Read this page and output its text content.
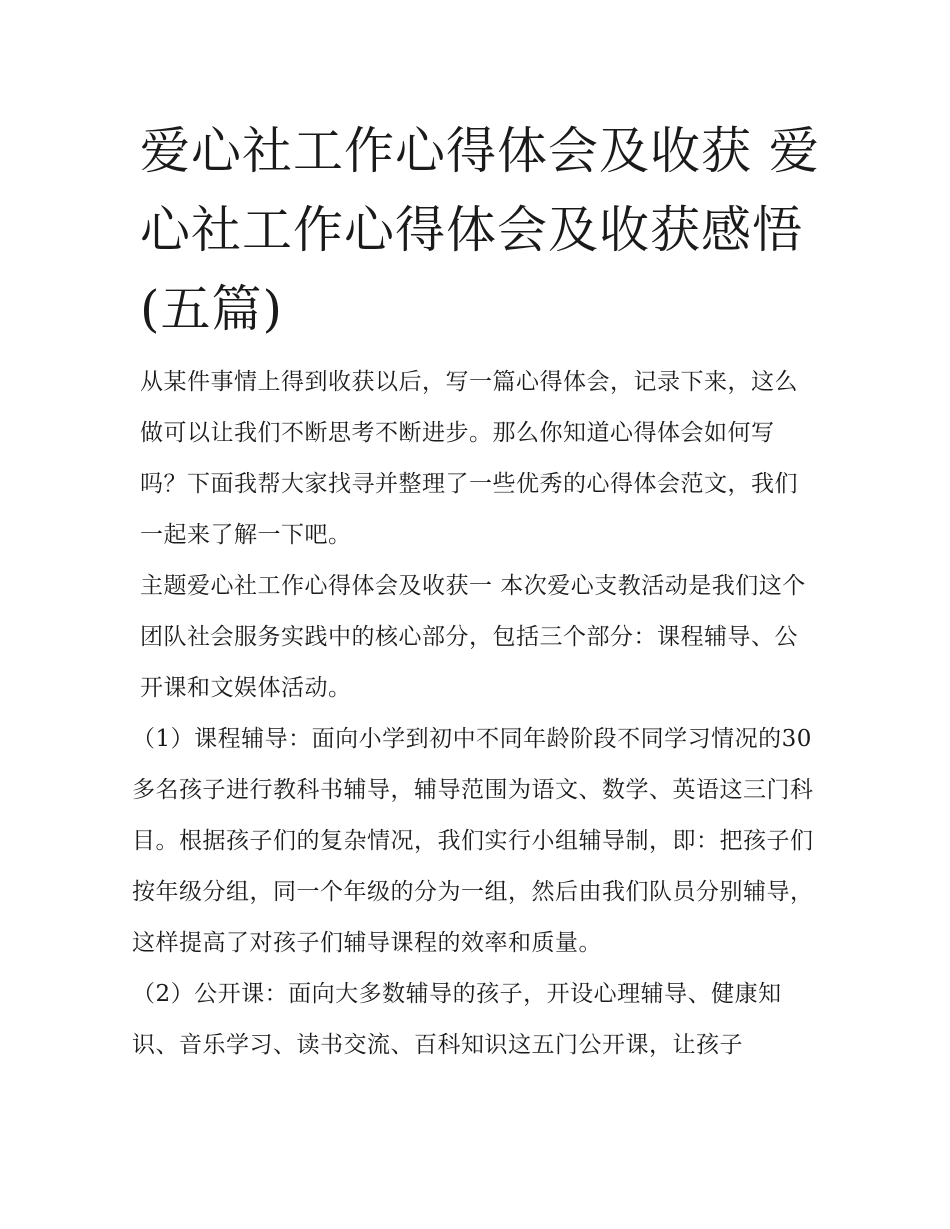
爱心社工作心得体会及收获 爱心社工作心得体会及收获感悟(五篇)

从某件事情上得到收获以后，写一篇心得体会，记录下来，这么做可以让我们不断思考不断进步。那么你知道心得体会如何写吗？下面我帮大家找寻并整理了一些优秀的心得体会范文，我们一起来了解一下吧。

主题爱心社工作心得体会及收获一 本次爱心支教活动是我们这个团队社会服务实践中的核心部分，包括三个部分：课程辅导、公开课和文娱体活动。

（1）课程辅导：面向小学到初中不同年龄阶段不同学习情况的30多名孩子进行教科书辅导，辅导范围为语文、数学、英语这三门科目。根据孩子们的复杂情况，我们实行小组辅导制，即：把孩子们按年级分组，同一个年级的分为一组，然后由我们队员分别辅导，这样提高了对孩子们辅导课程的效率和质量。

（2）公开课：面向大多数辅导的孩子，开设心理辅导、健康知识、音乐学习、读书交流、百科知识这五门公开课，让孩子
